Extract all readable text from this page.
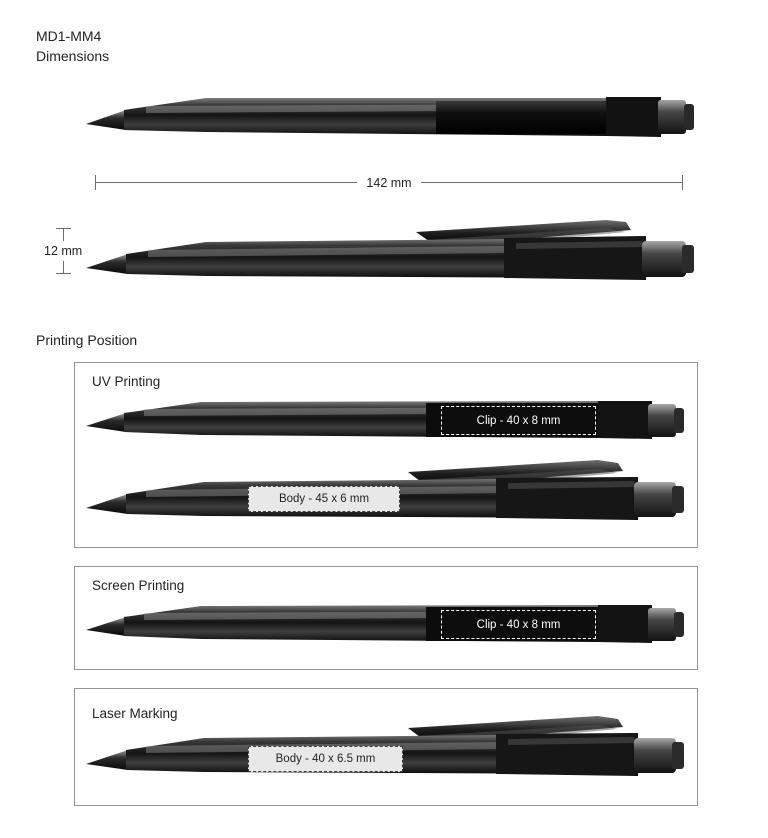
MD1-MM4
Dimensions
142 mm
12 mm
Printing Position
UV Printing
Clip - 40 x 8 mm
Body - 45 x 6 mm
Screen Printing
Clip - 40 x 8 mm
Laser Marking
Body - 40 x 6.5 mm
